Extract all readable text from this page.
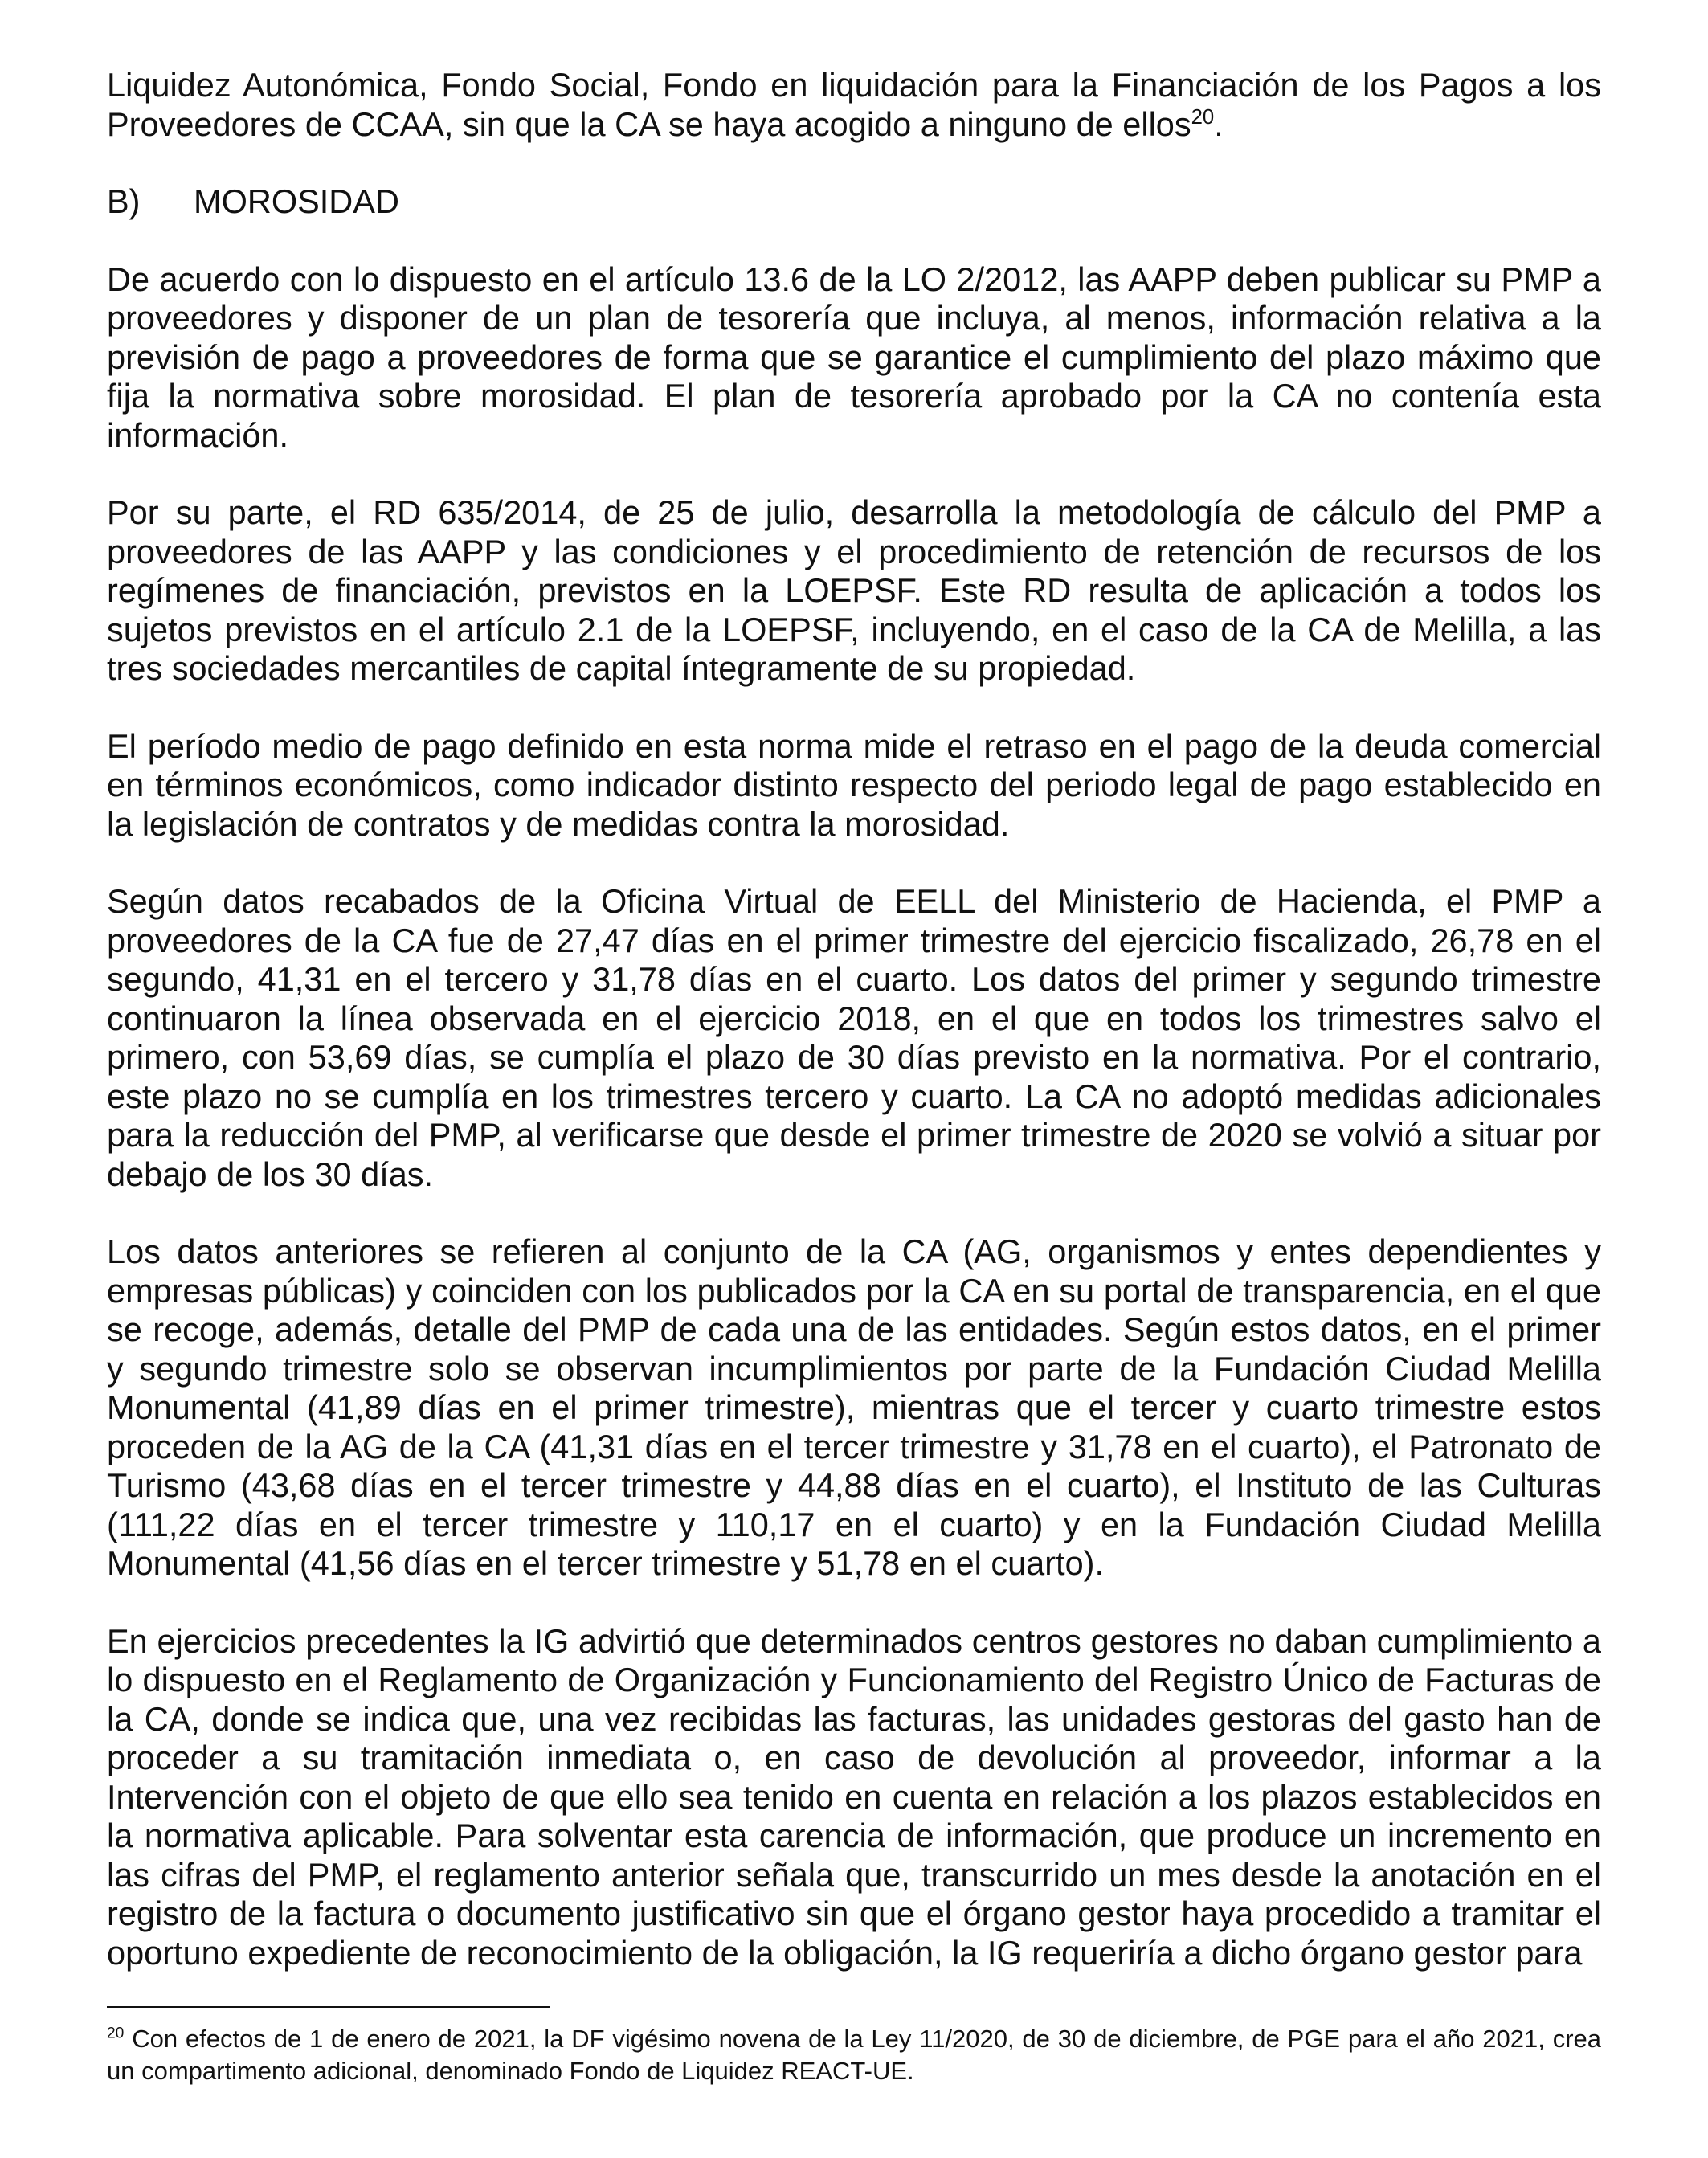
Liquidez Autonómica, Fondo Social, Fondo en liquidación para la Financiación de los Pagos a los Proveedores de CCAA, sin que la CA se haya acogido a ninguno de ellos$^{20}$.

B)	MOROSIDAD

De acuerdo con lo dispuesto en el artículo 13.6 de la LO 2/2012, las AAPP deben publicar su PMP a proveedores y disponer de un plan de tesorería que incluya, al menos, información relativa a la previsión de pago a proveedores de forma que se garantice el cumplimiento del plazo máximo que fija la normativa sobre morosidad. El plan de tesorería aprobado por la CA no contenía esta información.

Por su parte, el RD 635/2014, de 25 de julio, desarrolla la metodología de cálculo del PMP a proveedores de las AAPP y las condiciones y el procedimiento de retención de recursos de los regímenes de financiación, previstos en la LOEPSF. Este RD resulta de aplicación a todos los sujetos previstos en el artículo 2.1 de la LOEPSF, incluyendo, en el caso de la CA de Melilla, a las tres sociedades mercantiles de capital íntegramente de su propiedad.

El período medio de pago definido en esta norma mide el retraso en el pago de la deuda comercial en términos económicos, como indicador distinto respecto del periodo legal de pago establecido en la legislación de contratos y de medidas contra la morosidad.

Según datos recabados de la Oficina Virtual de EELL del Ministerio de Hacienda, el PMP a proveedores de la CA fue de 27,47 días en el primer trimestre del ejercicio fiscalizado, 26,78 en el segundo, 41,31 en el tercero y 31,78 días en el cuarto. Los datos del primer y segundo trimestre continuaron la línea observada en el ejercicio 2018, en el que en todos los trimestres salvo el primero, con 53,69 días, se cumplía el plazo de 30 días previsto en la normativa. Por el contrario, este plazo no se cumplía en los trimestres tercero y cuarto. La CA no adoptó medidas adicionales para la reducción del PMP, al verificarse que desde el primer trimestre de 2020 se volvió a situar por debajo de los 30 días.

Los datos anteriores se refieren al conjunto de la CA (AG, organismos y entes dependientes y empresas públicas) y coinciden con los publicados por la CA en su portal de transparencia, en el que se recoge, además, detalle del PMP de cada una de las entidades. Según estos datos, en el primer y segundo trimestre solo se observan incumplimientos por parte de la Fundación Ciudad Melilla Monumental (41,89 días en el primer trimestre), mientras que el tercer y cuarto trimestre estos proceden de la AG de la CA (41,31 días en el tercer trimestre y 31,78 en el cuarto), el Patronato de Turismo (43,68 días en el tercer trimestre y 44,88 días en el cuarto), el Instituto de las Culturas (111,22 días en el tercer trimestre y 110,17 en el cuarto) y en la Fundación Ciudad Melilla Monumental (41,56 días en el tercer trimestre y 51,78 en el cuarto).

En ejercicios precedentes la IG advirtió que determinados centros gestores no daban cumplimiento a lo dispuesto en el Reglamento de Organización y Funcionamiento del Registro Único de Facturas de la CA, donde se indica que, una vez recibidas las facturas, las unidades gestoras del gasto han de proceder a su tramitación inmediata o, en caso de devolución al proveedor, informar a la Intervención con el objeto de que ello sea tenido en cuenta en relación a los plazos establecidos en la normativa aplicable. Para solventar esta carencia de información, que produce un incremento en las cifras del PMP, el reglamento anterior señala que, transcurrido un mes desde la anotación en el registro de la factura o documento justificativo sin que el órgano gestor haya procedido a tramitar el oportuno expediente de reconocimiento de la obligación, la IG requeriría a dicho órgano gestor para

$^{20}$ Con efectos de 1 de enero de 2021, la DF vigésimo novena de la Ley 11/2020, de 30 de diciembre, de PGE para el año 2021, crea un compartimento adicional, denominado Fondo de Liquidez REACT-UE.
